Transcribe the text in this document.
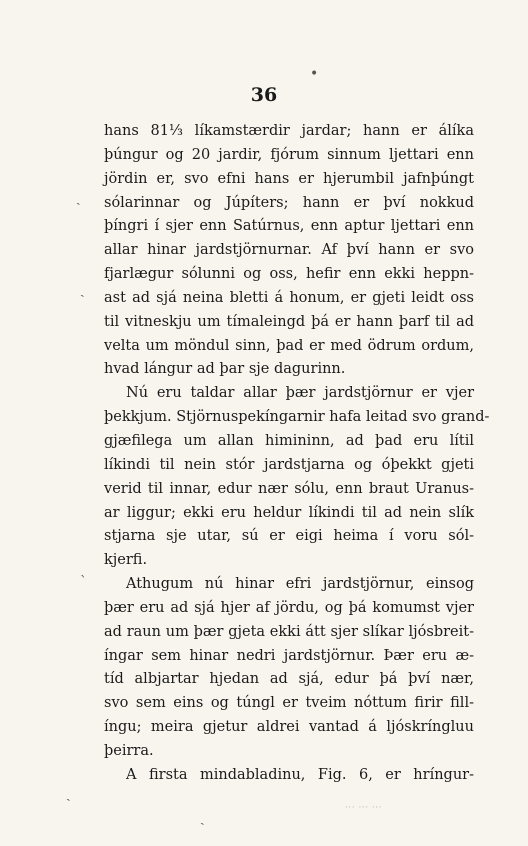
36
•
ˏ
ˏ
ˋ
ˎ
ˏ
··· ··· ···
hans 81⅓ líkamstærdir jardar; hann er álíka
þúngur og 20 jardir, fjórum sinnum ljettari enn
jördin er, svo efni hans er hjerumbil jafnþúngt
sólarinnar og Júpíters; hann er því nokkud
þíngri í sjer enn Satúrnus, enn aptur ljettari enn
allar hinar jardstjörnurnar. Af því hann er svo
fjarlægur sólunni og oss, hefir enn ekki heppn-
ast ad sjá neina bletti á honum, er gjeti leidt oss
til vitneskju um tímaleingd þá er hann þarf til ad
velta um möndul sinn, þad er med ödrum ordum,
hvad lángur ad þar sje dagurinn.
Nú eru taldar allar þær jardstjörnur er vjer
þekkjum. Stjörnuspekíngarnir hafa leitad svo grand-
gjæfilega um allan himininn, ad þad eru lítil
líkindi til nein stór jardstjarna og óþekkt gjeti
verid til innar, edur nær sólu, enn braut Uranus-
ar liggur; ekki eru heldur líkindi til ad nein slík
stjarna sje utar, sú er eigi heima í voru sól-
kjerfi.
Athugum nú hinar efri jardstjörnur, einsog
þær eru ad sjá hjer af jördu, og þá komumst vjer
ad raun um þær gjeta ekki átt sjer slíkar ljósbreit-
íngar sem hinar nedri jardstjörnur. Þær eru æ-
tíd albjartar hjedan ad sjá, edur þá því nær,
svo sem eins og túngl er tveim nóttum firir fill-
íngu; meira gjetur aldrei vantad á ljóskríngluu
þeirra.
A firsta mindabladinu, Fig. 6, er hríngur-
